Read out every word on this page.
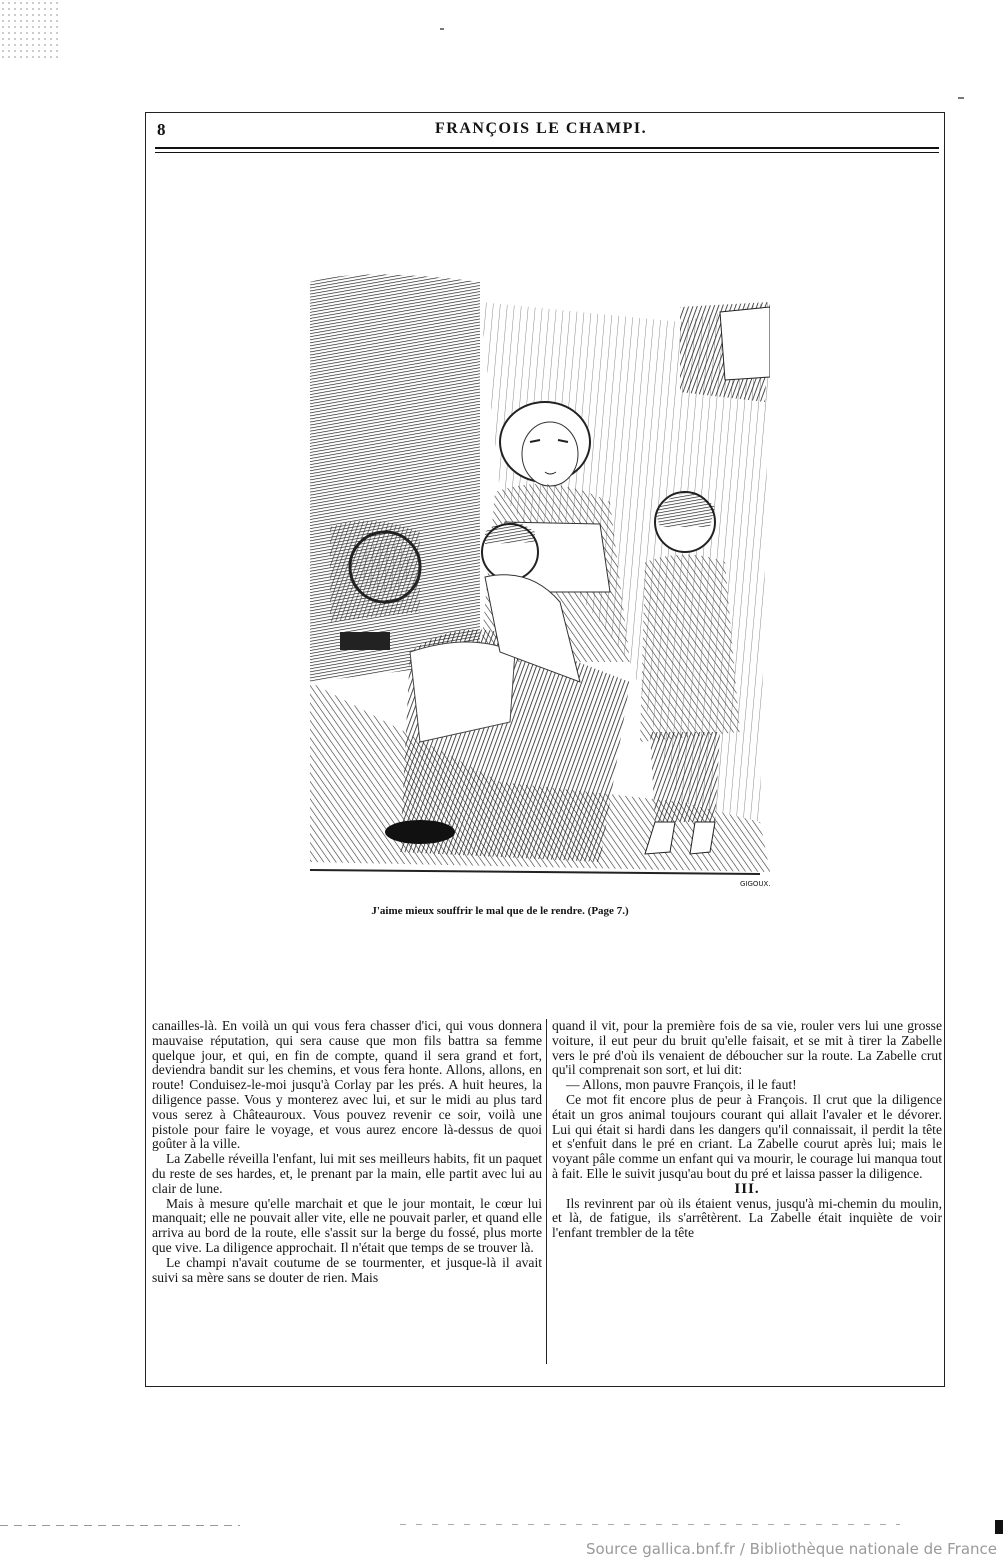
8	FRANÇOIS LE CHAMPI.
GIGOUX.
J'aime mieux souffrir le mal que de le rendre. (Page 7.)

canailles-là. En voilà un qui vous fera chasser d'ici, qui vous donnera mauvaise réputation, qui sera cause que mon fils battra sa femme quelque jour, et qui, en fin de compte, quand il sera grand et fort, deviendra bandit sur les chemins, et vous fera honte. Allons, allons, en route! Conduisez-le-moi jusqu'à Corlay par les prés. A huit heures, la diligence passe. Vous y monterez avec lui, et sur le midi au plus tard vous serez à Châteauroux. Vous pouvez revenir ce soir, voilà une pistole pour faire le voyage, et vous aurez encore là-dessus de quoi goûter à la ville.

La Zabelle réveilla l'enfant, lui mit ses meilleurs habits, fit un paquet du reste de ses hardes, et, le prenant par la main, elle partit avec lui au clair de lune.

Mais à mesure qu'elle marchait et que le jour montait, le cœur lui manquait; elle ne pouvait aller vite, elle ne pouvait parler, et quand elle arriva au bord de la route, elle s'assit sur la berge du fossé, plus morte que vive. La diligence approchait. Il n'était que temps de se trouver là.

Le champi n'avait coutume de se tourmenter, et jusque-là il avait suivi sa mère sans se douter de rien. Mais

quand il vit, pour la première fois de sa vie, rouler vers lui une grosse voiture, il eut peur du bruit qu'elle faisait, et se mit à tirer la Zabelle vers le pré d'où ils venaient de déboucher sur la route. La Zabelle crut qu'il comprenait son sort, et lui dit:

— Allons, mon pauvre François, il le faut!

Ce mot fit encore plus de peur à François. Il crut que la diligence était un gros animal toujours courant qui allait l'avaler et le dévorer. Lui qui était si hardi dans les dangers qu'il connaissait, il perdit la tête et s'enfuit dans le pré en criant. La Zabelle courut après lui; mais le voyant pâle comme un enfant qui va mourir, le courage lui manqua tout à fait. Elle le suivit jusqu'au bout du pré et laissa passer la diligence.

III.

Ils revinrent par où ils étaient venus, jusqu'à mi-chemin du moulin, et là, de fatigue, ils s'arrêtèrent. La Zabelle était inquiète de voir l'enfant trembler de la tête

Source gallica.bnf.fr / Bibliothèque nationale de France
